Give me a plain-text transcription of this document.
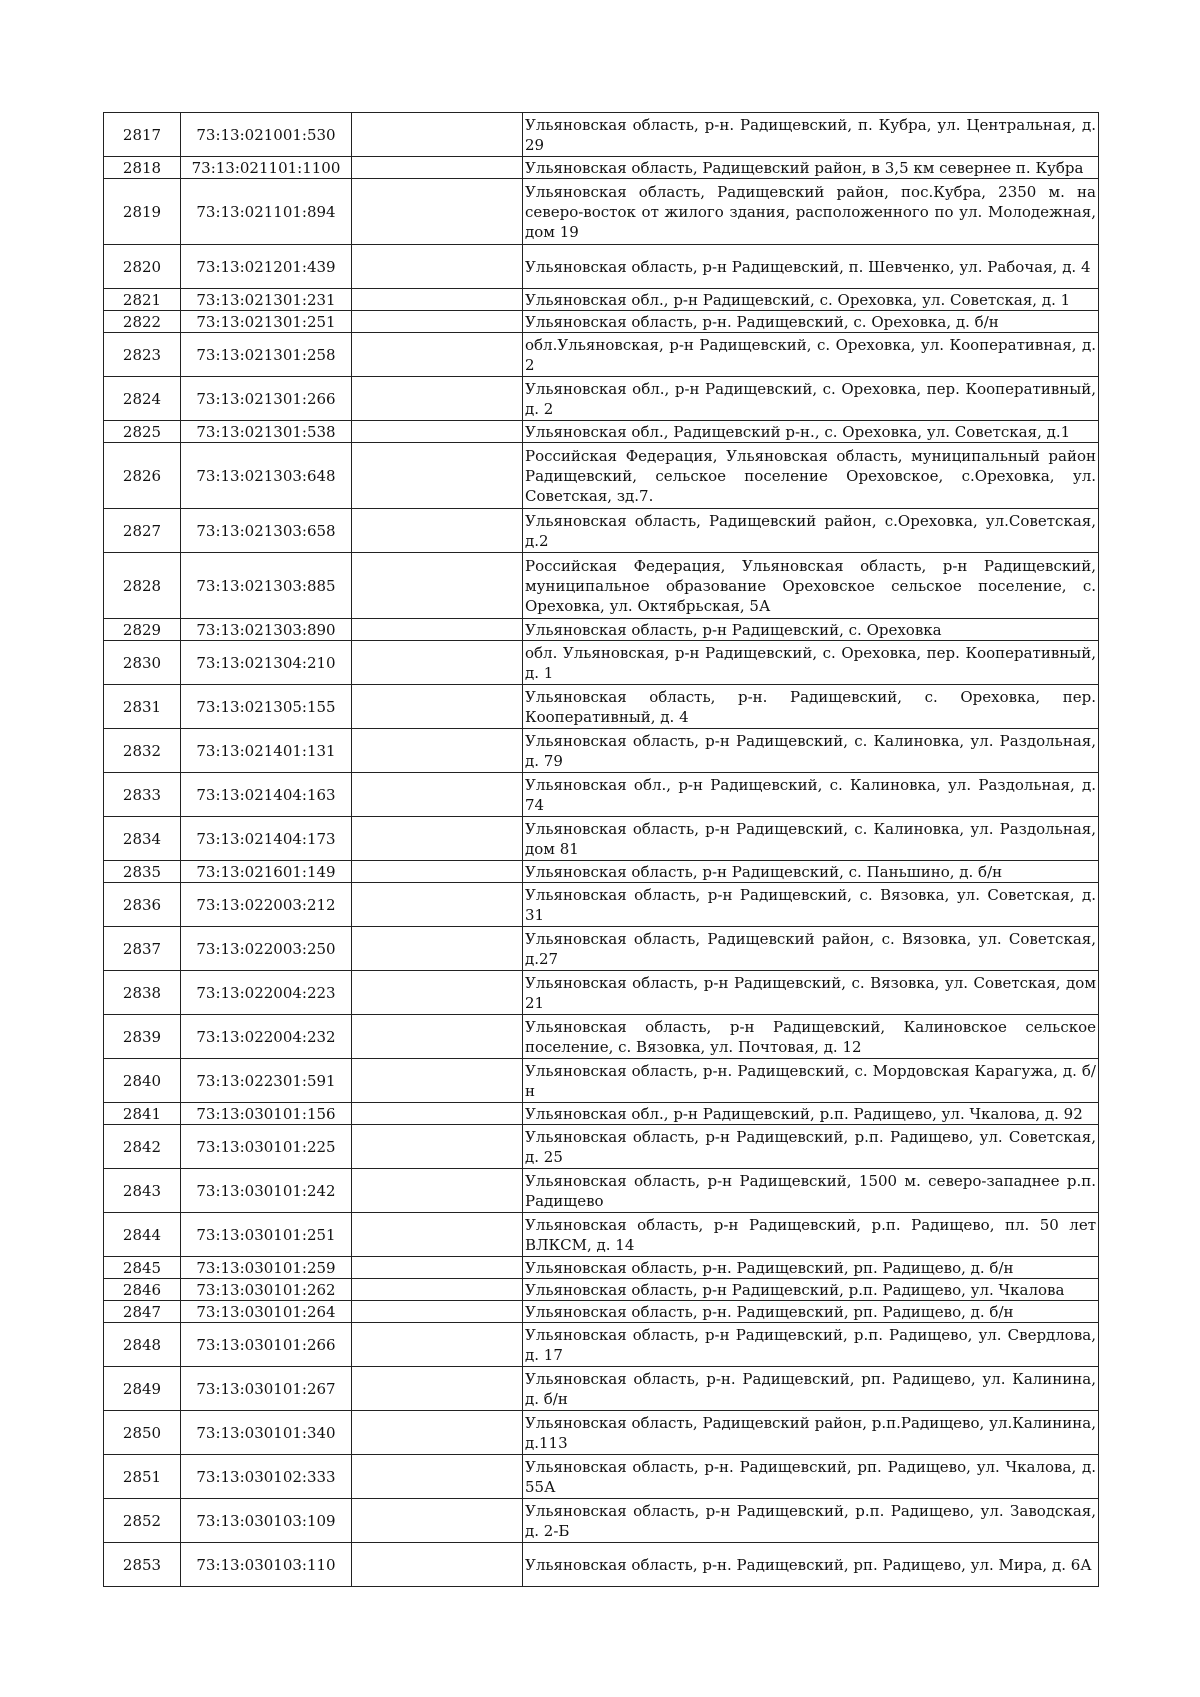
2817	73:13:021001:530		Ульяновская область, р-н. Радищевский, п. Кубра, ул. Центральная, д. 29
2818	73:13:021101:1100		Ульяновская область, Радищевский район, в 3,5 км севернее п. Кубра
2819	73:13:021101:894		Ульяновская область, Радищевский район, пос.Кубра, 2350 м. на северо-восток от жилого здания, расположенного по ул. Молодежная, дом 19
2820	73:13:021201:439		Ульяновская область, р-н Радищевский, п. Шевченко, ул. Рабочая, д. 4
2821	73:13:021301:231		Ульяновская обл., р-н Радищевский, с. Ореховка, ул. Советская, д. 1
2822	73:13:021301:251		Ульяновская область, р-н. Радищевский, с. Ореховка, д. б/н
2823	73:13:021301:258		обл.Ульяновская, р-н Радищевский, с. Ореховка, ул. Кооперативная, д. 2
2824	73:13:021301:266		Ульяновская обл., р-н Радищевский, с. Ореховка, пер. Кооперативный, д. 2
2825	73:13:021301:538		Ульяновская обл., Радищевский р-н., с. Ореховка, ул. Советская, д.1
2826	73:13:021303:648		Российская Федерация, Ульяновская область, муниципальный район Радищевский, сельское поселение Ореховское, с.Ореховка, ул. Советская, зд.7.
2827	73:13:021303:658		Ульяновская область, Радищевский район, с.Ореховка, ул.Советская, д.2
2828	73:13:021303:885		Российская Федерация, Ульяновская область, р-н Радищевский, муниципальное образование Ореховское сельское поселение, с. Ореховка, ул. Октябрьская, 5А
2829	73:13:021303:890		Ульяновская область, р-н Радищевский, с. Ореховка
2830	73:13:021304:210		обл. Ульяновская, р-н Радищевский, с. Ореховка, пер. Кооперативный, д. 1
2831	73:13:021305:155		Ульяновская область, р-н. Радищевский, с. Ореховка, пер. Кооперативный, д. 4
2832	73:13:021401:131		Ульяновская область, р-н Радищевский, с. Калиновка, ул. Раздольная, д. 79
2833	73:13:021404:163		Ульяновская обл., р-н Радищевский, с. Калиновка, ул. Раздольная, д. 74
2834	73:13:021404:173		Ульяновская область, р-н Радищевский, с. Калиновка, ул. Раздольная, дом 81
2835	73:13:021601:149		Ульяновская область, р-н Радищевский, с. Паньшино, д. б/н
2836	73:13:022003:212		Ульяновская область, р-н Радищевский, с. Вязовка, ул. Советская, д. 31
2837	73:13:022003:250		Ульяновская область, Радищевский район, с. Вязовка, ул. Советская, д.27
2838	73:13:022004:223		Ульяновская область, р-н Радищевский, с. Вязовка, ул. Советская, дом 21
2839	73:13:022004:232		Ульяновская область, р-н Радищевский, Калиновское сельское поселение, с. Вязовка, ул. Почтовая, д. 12
2840	73:13:022301:591		Ульяновская область, р-н. Радищевский, с. Мордовская Карагужа, д. б/н
2841	73:13:030101:156		Ульяновская обл., р-н Радищевский, р.п. Радищево, ул. Чкалова, д. 92
2842	73:13:030101:225		Ульяновская область, р-н Радищевский, р.п. Радищево, ул. Советская, д. 25
2843	73:13:030101:242		Ульяновская область, р-н Радищевский, 1500 м. северо-западнее р.п. Радищево
2844	73:13:030101:251		Ульяновская область, р-н Радищевский, р.п. Радищево, пл. 50 лет ВЛКСМ, д. 14
2845	73:13:030101:259		Ульяновская область, р-н. Радищевский, рп. Радищево, д. б/н
2846	73:13:030101:262		Ульяновская область, р-н Радищевский, р.п. Радищево, ул. Чкалова
2847	73:13:030101:264		Ульяновская область, р-н. Радищевский, рп. Радищево, д. б/н
2848	73:13:030101:266		Ульяновская область, р-н Радищевский, р.п. Радищево, ул. Свердлова, д. 17
2849	73:13:030101:267		Ульяновская область, р-н. Радищевский, рп. Радищево, ул. Калинина, д. б/н
2850	73:13:030101:340		Ульяновская область, Радищевский район, р.п.Радищево, ул.Калинина, д.113
2851	73:13:030102:333		Ульяновская область, р-н. Радищевский, рп. Радищево, ул. Чкалова, д. 55А
2852	73:13:030103:109		Ульяновская область, р-н Радищевский, р.п. Радищево, ул. Заводская, д. 2-Б
2853	73:13:030103:110		Ульяновская область, р-н. Радищевский, рп. Радищево, ул. Мира, д. 6А
